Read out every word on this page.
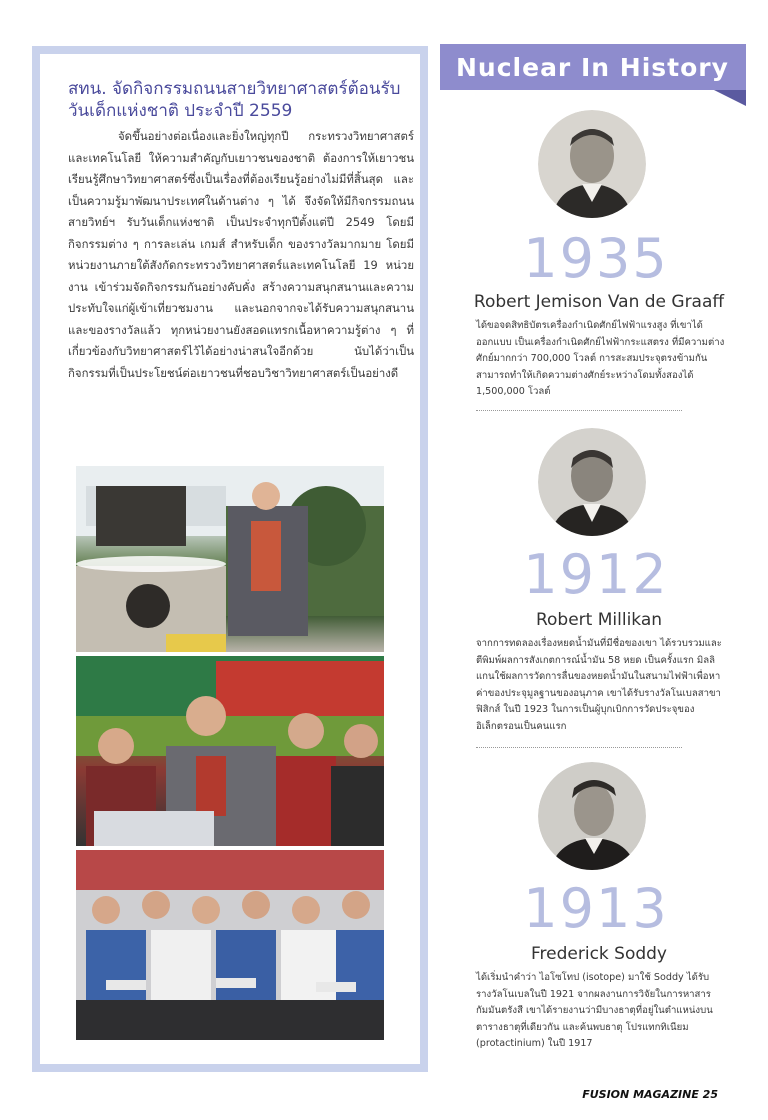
สทน. จัดกิจกรรมถนนสายวิทยาศาสตร์ต้อนรับวันเด็กแห่งชาติ ประจำปี 2559

จัดขึ้นอย่างต่อเนื่องและยิ่งใหญ่ทุกปี กระทรวงวิทยาศาสตร์และเทคโนโลยี ให้ความสำคัญกับเยาวชนของชาติ ต้องการให้เยาวชนเรียนรู้ศึกษาวิทยาศาสตร์ซึ่งเป็นเรื่องที่ต้องเรียนรู้อย่างไม่มีที่สิ้นสุด และเป็นความรู้มาพัฒนาประเทศในด้านต่าง ๆ ได้ จึงจัดให้มีกิจกรรมถนนสายวิทย์ฯ รับวันเด็กแห่งชาติ เป็นประจำทุกปีตั้งแต่ปี 2549 โดยมีกิจกรรมต่าง ๆ การละเล่น เกมส์ สำหรับเด็ก ของรางวัลมากมาย โดยมีหน่วยงานภายใต้สังกัดกระทรวงวิทยาศาสตร์และเทคโนโลยี 19 หน่วยงาน เข้าร่วมจัดกิจกรรมกันอย่างคับคั่ง สร้างความสนุกสนานและความประทับใจแก่ผู้เข้าเที่ยวชมงาน และนอกจากจะได้รับความสนุกสนานและของรางวัลแล้ว ทุกหน่วยงานยังสอดแทรกเนื้อหาความรู้ต่าง ๆ ที่เกี่ยวข้องกับวิทยาศาสตร์ไว้ได้อย่างน่าสนใจอีกด้วย นับได้ว่าเป็นกิจกรรมที่เป็นประโยชน์ต่อเยาวชนที่ชอบวิชาวิทยาศาสตร์เป็นอย่างดี

Nuclear In History
1935

Robert Jemison Van de Graaff

ได้ขอจดสิทธิบัตรเครื่องกำเนิดศักย์ไฟฟ้าแรงสูง ที่เขาได้ออกแบบ เป็นเครื่องกำเนิดศักย์ไฟฟ้ากระแสตรง ที่มีความต่างศักย์มากกว่า 700,000 โวลต์ การสะสมประจุตรงข้ามกันสามารถทำให้เกิดความต่างศักย์ระหว่างโดมทั้งสองได้ 1,500,000 โวลต์

1912

Robert Millikan

จากการทดลองเรื่องหยดน้ำมันที่มีชื่อของเขา ได้รวบรวมและตีพิมพ์ผลการสังเกตการณ์น้ำมัน 58 หยด เป็นครั้งแรก มิลลิแกนใช้ผลการวัดการลื่นของหยดน้ำมันในสนามไฟฟ้าเพื่อหาค่าของประจุมูลฐานของอนุภาค เขาได้รับรางวัลโนเบลสาขาฟิสิกส์ ในปี 1923 ในการเป็นผู้บุกเบิกการวัดประจุของอิเล็กตรอนเป็นคนแรก

1913

Frederick Soddy

ได้เริ่มนำคำว่า ไอโซโทป (isotope) มาใช้ Soddy ได้รับรางวัลโนเบลในปี 1921 จากผลงานการวิจัยในการหาสารกัมมันตรังสี เขาได้รายงานว่ามีบางธาตุที่อยู่ในตำแหน่งบนตารางธาตุที่เดียวกัน และค้นพบธาตุ โปรแทกทิเนียม (protactinium) ในปี 1917

FUSION MAGAZINE 25
